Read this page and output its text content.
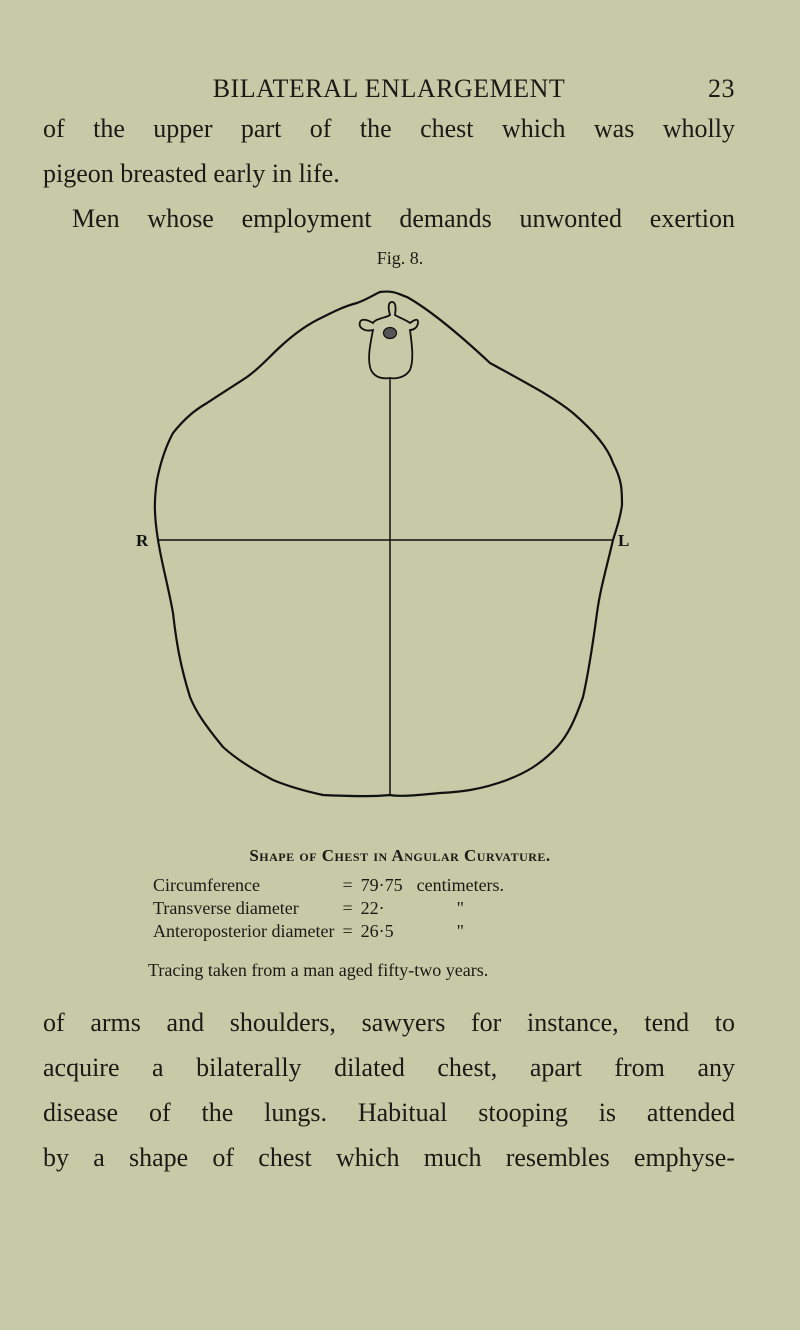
BILATERAL ENLARGEMENT	23
of the upper part of the chest which was wholly
pigeon breasted early in life.
Men whose employment demands unwonted exertion
Fig. 8.
R	L
Shape of Chest in Angular Curvature.
Circumference	= 79·75 centimeters.
Transverse diameter	= 22·	"
Anteroposterior diameter = 26·5	"
Tracing taken from a man aged fifty-two years.
of arms and shoulders, sawyers for instance, tend to
acquire a bilaterally dilated chest, apart from any
disease of the lungs. Habitual stooping is attended
by a shape of chest which much resembles emphyse-
